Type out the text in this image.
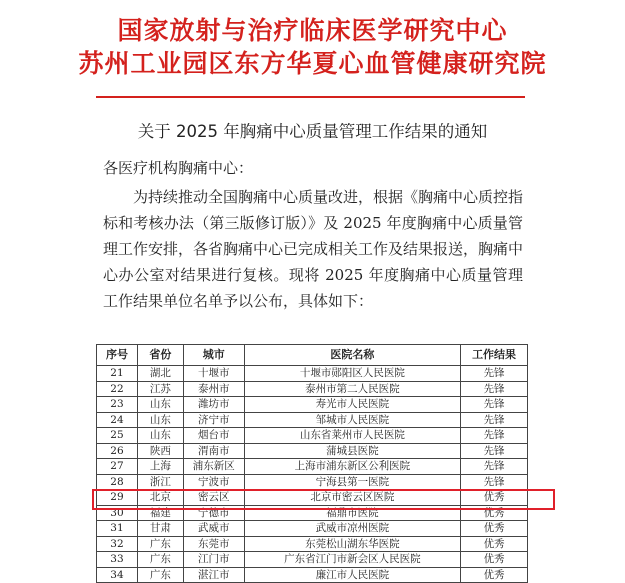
国家放射与治疗临床医学研究中心
苏州工业园区东方华夏心血管健康研究院
关于 2025 年胸痛中心质量管理工作结果的通知
各医疗机构胸痛中心：
为持续推动全国胸痛中心质量改进，根据《胸痛中心质控指标和考核办法（第三版修订版）》及 2025 年度胸痛中心质量管理工作安排，各省胸痛中心已完成相关工作及结果报送，胸痛中心办公室对结果进行复核。现将 2025 年度胸痛中心质量管理工作结果单位名单予以公布，具体如下：
序号	省份	城市	医院名称	工作结果
21	湖北	十堰市	十堰市郧阳区人民医院	先锋
22	江苏	泰州市	泰州市第二人民医院	先锋
23	山东	潍坊市	寿光市人民医院	先锋
24	山东	济宁市	邹城市人民医院	先锋
25	山东	烟台市	山东省莱州市人民医院	先锋
26	陕西	渭南市	蒲城县医院	先锋
27	上海	浦东新区	上海市浦东新区公利医院	先锋
28	浙江	宁波市	宁海县第一医院	先锋
29	北京	密云区	北京市密云区医院	优秀
30	福建	宁德市	福鼎市医院	优秀
31	甘肃	武威市	武威市凉州医院	优秀
32	广东	东莞市	东莞松山湖东华医院	优秀
33	广东	江门市	广东省江门市新会区人民医院	优秀
34	广东	湛江市	廉江市人民医院	优秀
